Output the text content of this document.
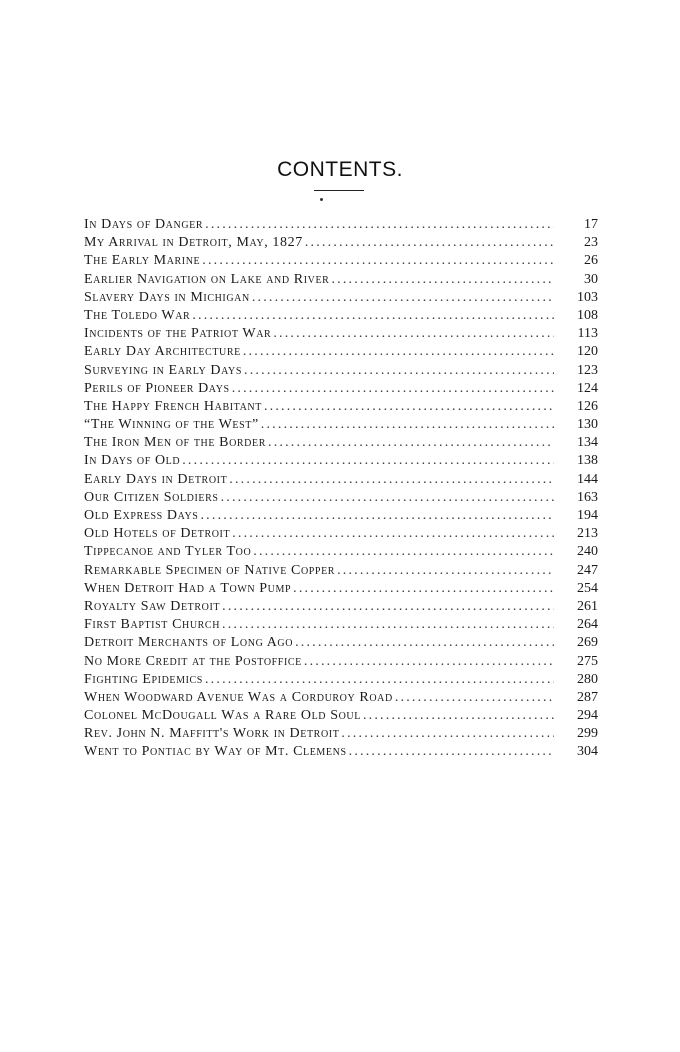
CONTENTS.
In Days of Danger .....	17
My Arrival in Detroit, May, 1827 .....	23
The Early Marine .....	26
Earlier Navigation on Lake and River .....	30
Slavery Days in Michigan .....	103
The Toledo War .....	108
Incidents of the Patriot War .....	113
Early Day Architecture .....	120
Surveying in Early Days .....	123
Perils of Pioneer Days .....	124
The Happy French Habitant .....	126
“The Winning of the West” .....	130
The Iron Men of the Border .....	134
In Days of Old .....	138
Early Days in Detroit .....	144
Our Citizen Soldiers .....	163
Old Express Days .....	194
Old Hotels of Detroit .....	213
Tippecanoe and Tyler Too .....	240
Remarkable Specimen of Native Copper .....	247
When Detroit Had a Town Pump .....	254
Royalty Saw Detroit .....	261
First Baptist Church .....	264
Detroit Merchants of Long Ago .....	269
No More Credit at the Postoffice .....	275
Fighting Epidemics .....	280
When Woodward Avenue Was a Corduroy Road .....	287
Colonel McDougall Was a Rare Old Soul .....	294
Rev. John N. Maffitt's Work in Detroit .....	299
Went to Pontiac by Way of Mt. Clemens .....	304
